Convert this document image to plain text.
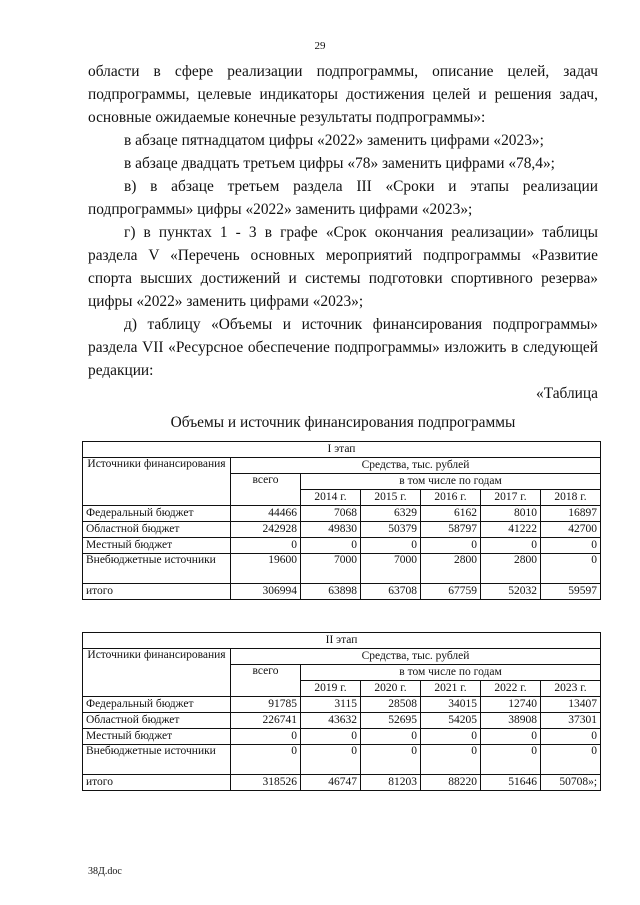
29

области в сфере реализации подпрограммы, описание целей, задач подпрограммы, целевые индикаторы достижения целей и решения задач, основные ожидаемые конечные результаты подпрограммы»:

в абзаце пятнадцатом цифры «2022» заменить цифрами «2023»;

в абзаце двадцать третьем цифры «78» заменить цифрами «78,4»;

в) в абзаце третьем раздела III «Сроки и этапы реализации подпрограммы» цифры «2022» заменить цифрами «2023»;

г) в пунктах 1 - 3 в графе «Срок окончания реализации» таблицы раздела V «Перечень основных мероприятий подпрограммы «Развитие спорта высших достижений и системы подготовки спортивного резерва» цифры «2022» заменить цифрами «2023»;

д) таблицу «Объемы и источник финансирования подпрограммы» раздела VII «Ресурсное обеспечение подпрограммы» изложить в следующей редакции:

«Таблица
Объемы и источник финансирования подпрограммы
I этап						
Источники финансирования	Средства, тыс. рублей					
	всего	в том числе по годам				
		2014 г.	2015 г.	2016 г.	2017 г.	2018 г.
Федеральный бюджет	44466	7068	6329	6162	8010	16897
Областной бюджет	242928	49830	50379	58797	41222	42700
Местный бюджет	0	0	0	0	0	0
Внебюджетные источники	19600	7000	7000	2800	2800	0
итого	306994	63898	63708	67759	52032	59597
II этап						
Источники финансирования	Средства, тыс. рублей					
	всего	в том числе по годам				
		2019 г.	2020 г.	2021 г.	2022 г.	2023 г.
Федеральный бюджет	91785	3115	28508	34015	12740	13407
Областной бюджет	226741	43632	52695	54205	38908	37301
Местный бюджет	0	0	0	0	0	0
Внебюджетные источники	0	0	0	0	0	0
итого	318526	46747	81203	88220	51646	50708»;
38Д.doc
